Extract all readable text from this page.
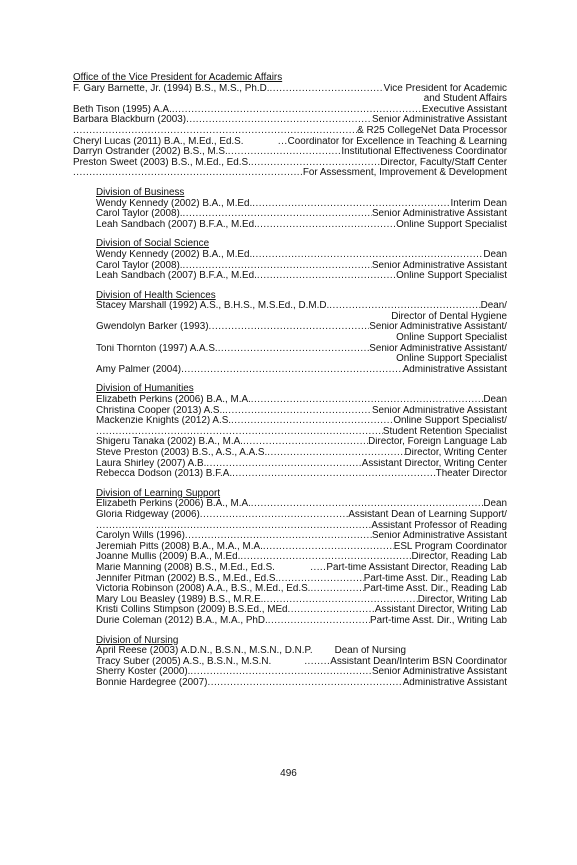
Office of the Vice President for Academic Affairs
F. Gary Barnette, Jr. (1994) B.S., M.S., Ph.D. .....	Vice President for Academic
and Student Affairs
Beth Tison (1995) A.A. .....	Executive Assistant
Barbara Blackburn (2003) .....	Senior Administrative Assistant
.....
& R25 CollegeNet Data Processor
Cheryl Lucas (2011) B.A., M.Ed., Ed.S.	... Coordinator for Excellence in Teaching & Learning
Darryn Ostrander (2002) B.S., M.S. .....	Institutional Effectiveness Coordinator
Preston Sweet (2003) B.S., M.Ed., Ed.S. .....	Director, Faculty/Staff Center
.....
For Assessment, Improvement & Development
Division of Business
Wendy Kennedy (2002) B.A., M.Ed. .....	Interim Dean
Carol Taylor (2008). .....	Senior Administrative Assistant
Leah Sandbach (2007) B.F.A., M.Ed. .....	Online Support Specialist
Division of Social Science
Wendy Kennedy (2002) B.A., M.Ed. .....	Dean
Carol Taylor (2008). .....	Senior Administrative Assistant
Leah Sandbach (2007) B.F.A., M.Ed. .....	Online Support Specialist
Division of Health Sciences
Stacey Marshall (1992) A.S., B.H.S., M.S.Ed., D.M.D. .....	Dean/
Director of Dental Hygiene
Gwendolyn Barker (1993) .....	Senior Administrative Assistant/
Online Support Specialist
Toni Thornton (1997) A.A.S. .....	Senior Administrative Assistant/
Online Support Specialist
Amy Palmer (2004) .....	Administrative Assistant
Division of Humanities
Elizabeth Perkins (2006) B.A., M.A. .....	Dean
Christina Cooper (2013) A.S.. .....	Senior Administrative Assistant
Mackenzie Knights (2012) A.S. .....	Online Support Specialist/
.....
Student Retention Specialist
Shigeru Tanaka (2002) B.A., M.A. .....	Director, Foreign Language Lab
Steve Preston (2003) B.S., A.S., A.A.S. .....	Director, Writing Center
Laura Shirley (2007) A.B. .....	Assistant Director, Writing Center
Rebecca Dodson (2013) B.F.A. .....	Theater Director
Division of Learning Support
Elizabeth Perkins (2006) B.A., M.A. .....	Dean
Gloria Ridgeway (2006) .....	Assistant Dean of Learning Support/
.....
Assistant Professor of Reading
Carolyn Wills (1996) .....	Senior Administrative Assistant
Jeremiah Pitts (2008) B.A., M.A., M.A. .....	ESL Program Coordinator
Joanne Mullis (2009) B.A., M.Ed. .....	Director, Reading Lab
Marie Manning (2008) B.S., M.Ed., Ed.S.	..... Part-time Assistant Director, Reading Lab
Jennifer Pitman (2002) B.S., M.Ed., Ed.S. .....	Part-time Asst. Dir., Reading Lab
Victoria Robinson (2008) A.A., B.S., M.Ed., Ed.S. .....	Part-time Asst. Dir., Reading Lab
Mary Lou Beasley (1989) B.S., M.R.E. .....	Director, Writing Lab
Kristi Collins Stimpson (2009) B.S.Ed., MEd .....	Assistant Director, Writing Lab
Durie Coleman (2012) B.A., M.A., PhD. .....	Part-time Asst. Dir., Writing Lab
Division of Nursing
April Reese (2003) A.D.N., B.S.N., M.S.N., D.N.P. Dean of Nursing
Tracy Suber (2005) A.S., B.S.N., M.S.N.	........ Assistant Dean/Interim BSN Coordinator
Sherry Koster (2000). .....	Senior Administrative Assistant
Bonnie Hardegree (2007) .....	Administrative Assistant
496
